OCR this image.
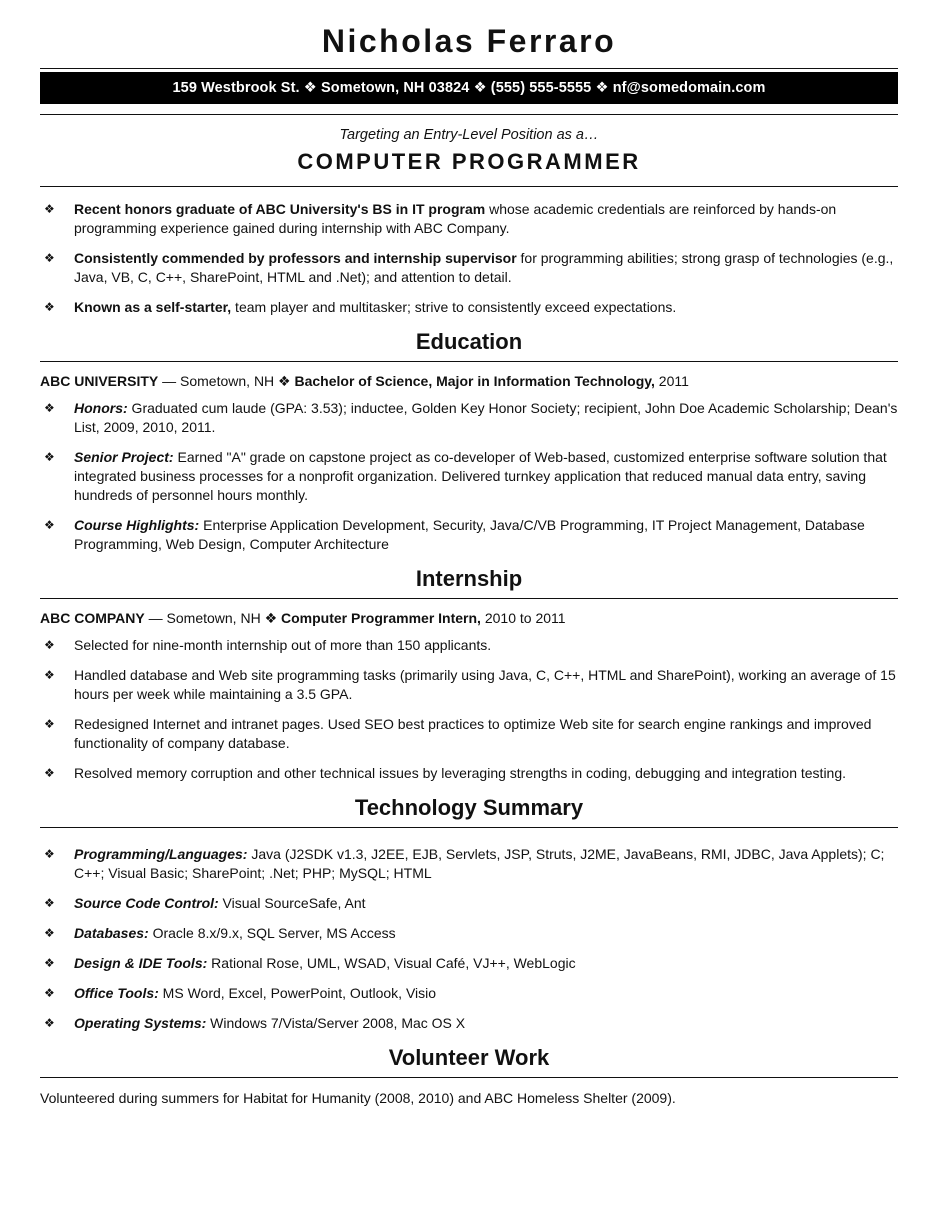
Nicholas Ferraro
159 Westbrook St. ❖ Sometown, NH 03824 ❖ (555) 555-5555 ❖ nf@somedomain.com
Targeting an Entry-Level Position as a…
COMPUTER PROGRAMMER
❖ Recent honors graduate of ABC University's BS in IT program whose academic credentials are reinforced by hands-on programming experience gained during internship with ABC Company.
❖ Consistently commended by professors and internship supervisor for programming abilities; strong grasp of technologies (e.g., Java, VB, C, C++, SharePoint, HTML and .Net); and attention to detail.
❖ Known as a self-starter, team player and multitasker; strive to consistently exceed expectations.
Education
ABC UNIVERSITY — Sometown, NH ❖ Bachelor of Science, Major in Information Technology, 2011
❖ Honors: Graduated cum laude (GPA: 3.53); inductee, Golden Key Honor Society; recipient, John Doe Academic Scholarship; Dean's List, 2009, 2010, 2011.
❖ Senior Project: Earned "A" grade on capstone project as co-developer of Web-based, customized enterprise software solution that integrated business processes for a nonprofit organization. Delivered turnkey application that reduced manual data entry, saving hundreds of personnel hours monthly.
❖ Course Highlights: Enterprise Application Development, Security, Java/C/VB Programming, IT Project Management, Database Programming, Web Design, Computer Architecture
Internship
ABC COMPANY — Sometown, NH ❖ Computer Programmer Intern, 2010 to 2011
❖ Selected for nine-month internship out of more than 150 applicants.
❖ Handled database and Web site programming tasks (primarily using Java, C, C++, HTML and SharePoint), working an average of 15 hours per week while maintaining a 3.5 GPA.
❖ Redesigned Internet and intranet pages. Used SEO best practices to optimize Web site for search engine rankings and improved functionality of company database.
❖ Resolved memory corruption and other technical issues by leveraging strengths in coding, debugging and integration testing.
Technology Summary
❖ Programming/Languages: Java (J2SDK v1.3, J2EE, EJB, Servlets, JSP, Struts, J2ME, JavaBeans, RMI, JDBC, Java Applets); C; C++; Visual Basic; SharePoint; .Net; PHP; MySQL; HTML
❖ Source Code Control: Visual SourceSafe, Ant
❖ Databases: Oracle 8.x/9.x, SQL Server, MS Access
❖ Design & IDE Tools: Rational Rose, UML, WSAD, Visual Café, VJ++, WebLogic
❖ Office Tools: MS Word, Excel, PowerPoint, Outlook, Visio
❖ Operating Systems: Windows 7/Vista/Server 2008, Mac OS X
Volunteer Work
Volunteered during summers for Habitat for Humanity (2008, 2010) and ABC Homeless Shelter (2009).
